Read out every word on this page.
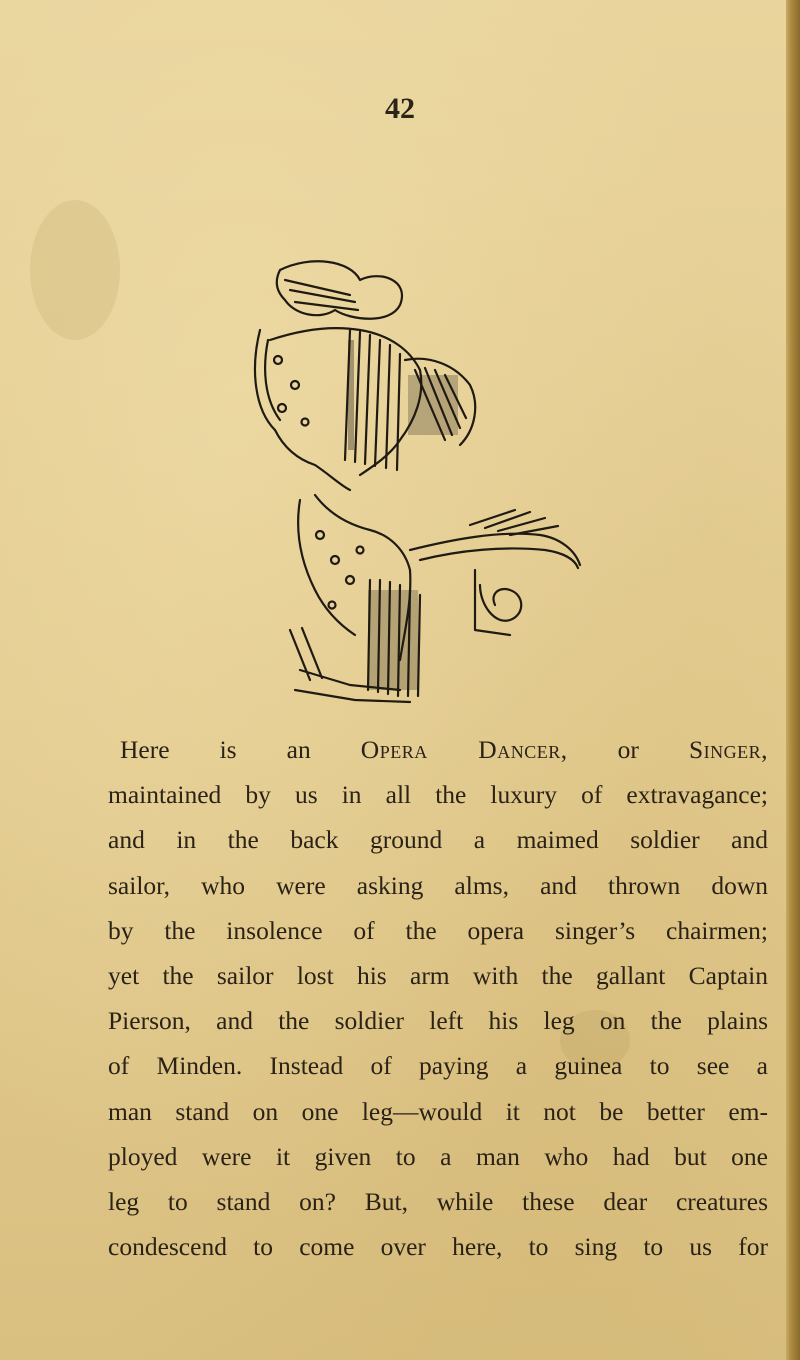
42
Here is an Opera Dancer, or Singer,
maintained by us in all the luxury of extravagance;
and in the back ground a maimed soldier and
sailor, who were asking alms, and thrown down
by the insolence of the opera singer’s chairmen;
yet the sailor lost his arm with the gallant Captain
Pierson, and the soldier left his leg on the plains
of Minden. Instead of paying a guinea to see a
man stand on one leg—would it not be better em-
ployed were it given to a man who had but one
leg to stand on? But, while these dear creatures
condescend to come over here, to sing to us for
